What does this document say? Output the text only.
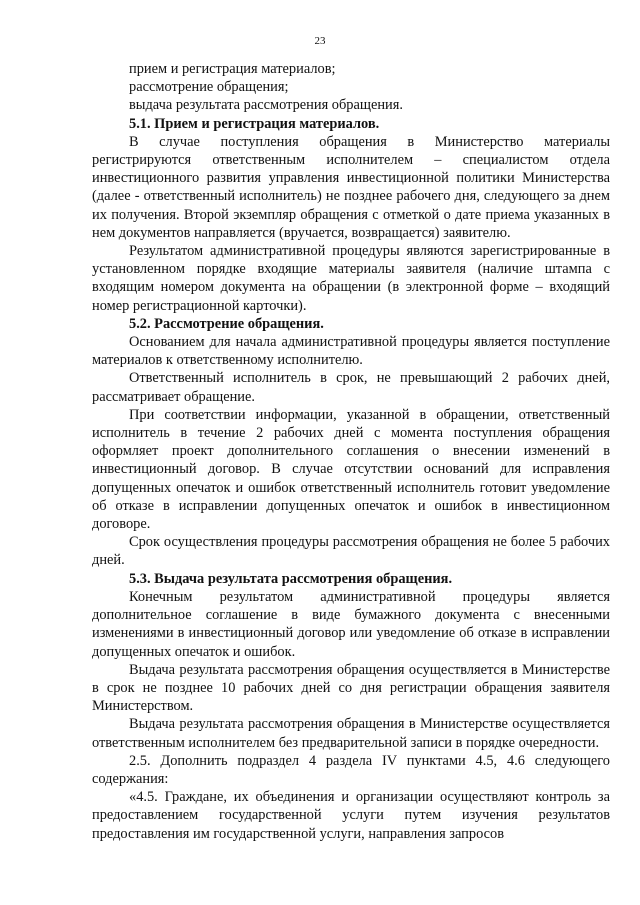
23

прием и регистрация материалов;

рассмотрение обращения;

выдача результата рассмотрения обращения.

5.1. Прием и регистрация материалов.

В случае поступления обращения в Министерство материалы регистрируются ответственным исполнителем – специалистом отдела инвестиционного развития управления инвестиционной политики Министерства (далее - ответственный исполнитель) не позднее рабочего дня, следующего за днем их получения. Второй экземпляр обращения с отметкой о дате приема указанных в нем документов направляется (вручается, возвращается) заявителю.

Результатом административной процедуры являются зарегистрированные в установленном порядке входящие материалы заявителя (наличие штампа с входящим номером документа на обращении (в электронной форме – входящий номер регистрационной карточки).

5.2. Рассмотрение обращения.

Основанием для начала административной процедуры является поступление материалов к ответственному исполнителю.

Ответственный исполнитель в срок, не превышающий 2 рабочих дней, рассматривает обращение.

При соответствии информации, указанной в обращении, ответственный исполнитель в течение 2 рабочих дней с момента поступления обращения оформляет проект дополнительного соглашения о внесении изменений в инвестиционный договор. В случае отсутствии оснований для исправления допущенных опечаток и ошибок ответственный исполнитель готовит уведомление об отказе в исправлении допущенных опечаток и ошибок в инвестиционном договоре.

Срок осуществления процедуры рассмотрения обращения не более 5 рабочих дней.

5.3. Выдача результата рассмотрения обращения.

Конечным результатом административной процедуры является дополнительное соглашение в виде бумажного документа с внесенными изменениями в инвестиционный договор или уведомление об отказе в исправлении допущенных опечаток и ошибок.

Выдача результата рассмотрения обращения осуществляется в Министерстве в срок не позднее 10 рабочих дней со дня регистрации обращения заявителя Министерством.

Выдача результата рассмотрения обращения в Министерстве осуществляется ответственным исполнителем без предварительной записи в порядке очередности.

2.5. Дополнить подраздел 4 раздела IV пунктами 4.5, 4.6 следующего содержания:

«4.5. Граждане, их объединения и организации осуществляют контроль за предоставлением государственной услуги путем изучения результатов предоставления им государственной услуги, направления запросов
